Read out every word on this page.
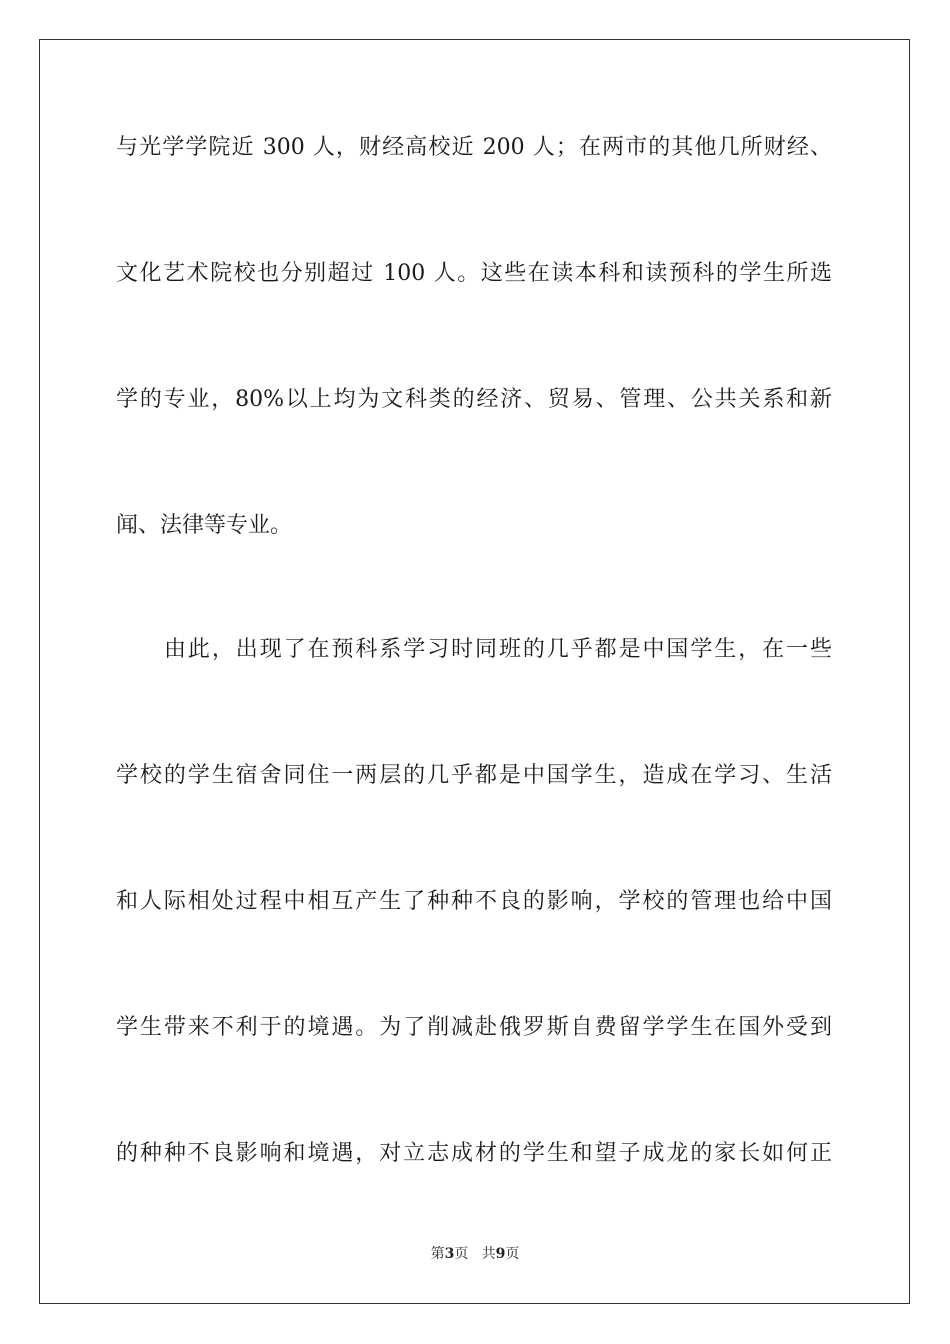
与光学学院近 300 人，财经高校近 200 人；在两市的其他几所财经、
文化艺术院校也分别超过 100 人。这些在读本科和读预科的学生所选
学的专业，80%以上均为文科类的经济、贸易、管理、公共关系和新
闻、法律等专业。
由此，出现了在预科系学习时同班的几乎都是中国学生，在一些
学校的学生宿舍同住一两层的几乎都是中国学生，造成在学习、生活
和人际相处过程中相互产生了种种不良的影响，学校的管理也给中国
学生带来不利于的境遇。为了削减赴俄罗斯自费留学学生在国外受到
的种种不良影响和境遇，对立志成材的学生和望子成龙的家长如何正
第3页 共9页
